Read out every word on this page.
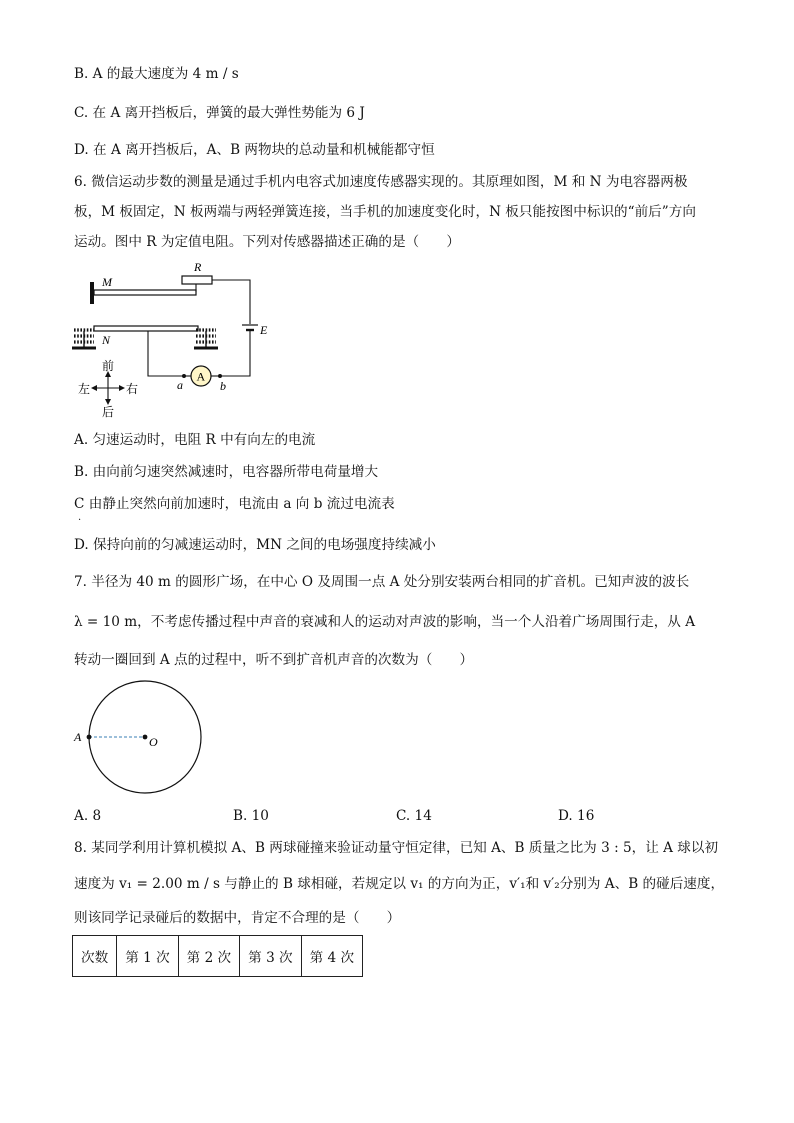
B. A 的最大速度为 4 m / s
C. 在 A 离开挡板后，弹簧的最大弹性势能为 6 J
D. 在 A 离开挡板后，A、B 两物块的总动量和机械能都守恒
6. 微信运动步数的测量是通过手机内电容式加速度传感器实现的。其原理如图，M 和 N 为电容器两极
板，M 板固定，N 板两端与两轻弹簧连接，当手机的加速度变化时，N 板只能按图中标识的“前后”方向
运动。图中 R 为定值电阻。下列对传感器描述正确的是（　　）
M
R
E
N
A
a	b
前
后
左	右
A. 匀速运动时，电阻 R 中有向左的电流
B. 由向前匀速突然减速时，电容器所带电荷量增大
C 由静止突然向前加速时，电流由 a 向 b 流过电流表
.
D. 保持向前的匀减速运动时，MN 之间的电场强度持续减小
7. 半径为 40 m 的圆形广场，在中心 O 及周围一点 A 处分别安装两台相同的扩音机。已知声波的波长
λ = 10 m，不考虑传播过程中声音的衰减和人的运动对声波的影响，当一个人沿着广场周围行走，从 A
转动一圈回到 A 点的过程中，听不到扩音机声音的次数为（　　）
A	O
A. 8	B. 10	C. 14	D. 16
8. 某同学利用计算机模拟 A、B 两球碰撞来验证动量守恒定律，已知 A、B 质量之比为 3 : 5，让 A 球以初
速度为 v₁ = 2.00 m / s 与静止的 B 球相碰，若规定以 v₁ 的方向为正，v′₁和 v′₂分别为 A、B 的碰后速度，
则该同学记录碰后的数据中，肯定不合理的是（　　）
次数	第 1 次	第 2 次	第 3 次	第 4 次
